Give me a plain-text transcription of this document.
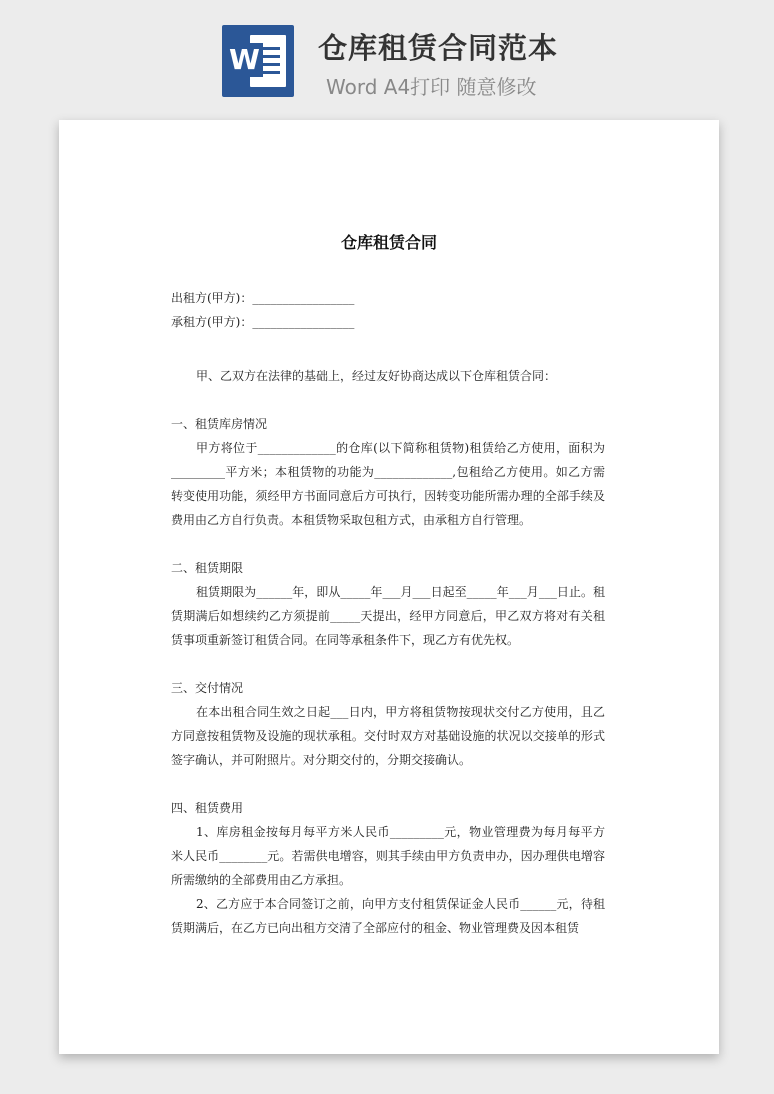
W 仓库租赁合同范本
Word A4打印 随意修改
仓库租赁合同

出租方(甲方)：_________________

承租方(甲方)：_________________

甲、乙双方在法律的基础上，经过友好协商达成以下仓库租赁合同：

一、租赁库房情况

甲方将位于_____________的仓库(以下简称租赁物)租赁给乙方使用，面积为_________平方米；本租赁物的功能为_____________,包租给乙方使用。如乙方需转变使用功能，须经甲方书面同意后方可执行，因转变功能所需办理的全部手续及费用由乙方自行负责。本租赁物采取包租方式，由承租方自行管理。

二、租赁期限

租赁期限为______年，即从_____年___月___日起至_____年___月___日止。租赁期满后如想续约乙方须提前_____天提出，经甲方同意后，甲乙双方将对有关租赁事项重新签订租赁合同。在同等承租条件下，现乙方有优先权。

三、交付情况

在本出租合同生效之日起___日内，甲方将租赁物按现状交付乙方使用，且乙方同意按租赁物及设施的现状承租。交付时双方对基础设施的状况以交接单的形式签字确认，并可附照片。对分期交付的，分期交接确认。

四、租赁费用

1、库房租金按每月每平方米人民币_________元，物业管理费为每月每平方米人民币________元。若需供电增容，则其手续由甲方负责申办，因办理供电增容所需缴纳的全部费用由乙方承担。

2、乙方应于本合同签订之前，向甲方支付租赁保证金人民币______元，待租赁期满后，在乙方已向出租方交清了全部应付的租金、物业管理费及因本租赁
